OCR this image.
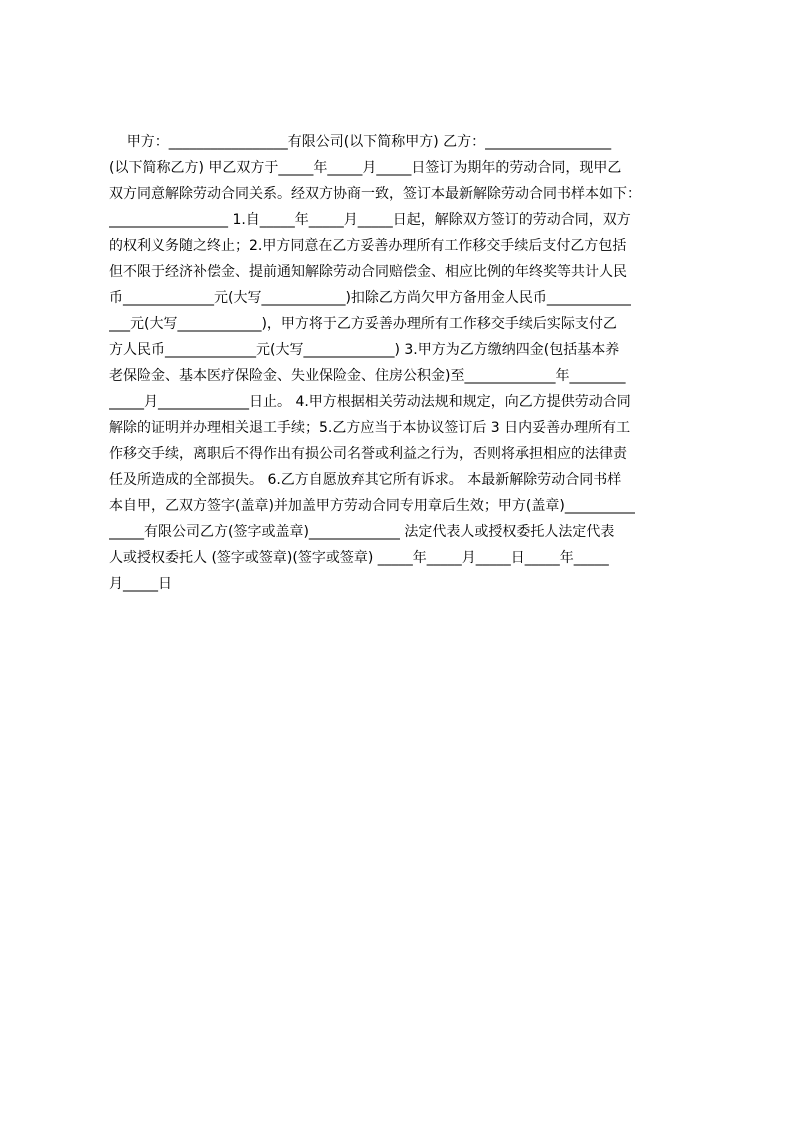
甲方：_________________有限公司(以下简称甲方) 乙方：__________________
(以下简称乙方) 甲乙双方于_____年_____月_____日签订为期年的劳动合同，现甲乙
双方同意解除劳动合同关系。经双方协商一致，签订本最新解除劳动合同书样本如下：
_________________ 1.自_____年_____月_____日起，解除双方签订的劳动合同，双方
的权利义务随之终止；2.甲方同意在乙方妥善办理所有工作移交手续后支付乙方包括
但不限于经济补偿金、提前通知解除劳动合同赔偿金、相应比例的年终奖等共计人民
币_____________元(大写____________)扣除乙方尚欠甲方备用金人民币____________
___元(大写____________)，甲方将于乙方妥善办理所有工作移交手续后实际支付乙
方人民币_____________元(大写_____________) 3.甲方为乙方缴纳四金(包括基本养
老保险金、基本医疗保险金、失业保险金、住房公积金)至_____________年________
_____月_____________日止。 4.甲方根据相关劳动法规和规定，向乙方提供劳动合同
解除的证明并办理相关退工手续；5.乙方应当于本协议签订后 3 日内妥善办理所有工
作移交手续，离职后不得作出有损公司名誉或利益之行为，否则将承担相应的法律责
任及所造成的全部损失。 6.乙方自愿放弃其它所有诉求。 本最新解除劳动合同书样
本自甲，乙双方签字(盖章)并加盖甲方劳动合同专用章后生效；甲方(盖章)__________
_____有限公司乙方(签字或盖章)_____________ 法定代表人或授权委托人法定代表
人或授权委托人 (签字或签章)(签字或签章) _____年_____月_____日_____年_____
月_____日
